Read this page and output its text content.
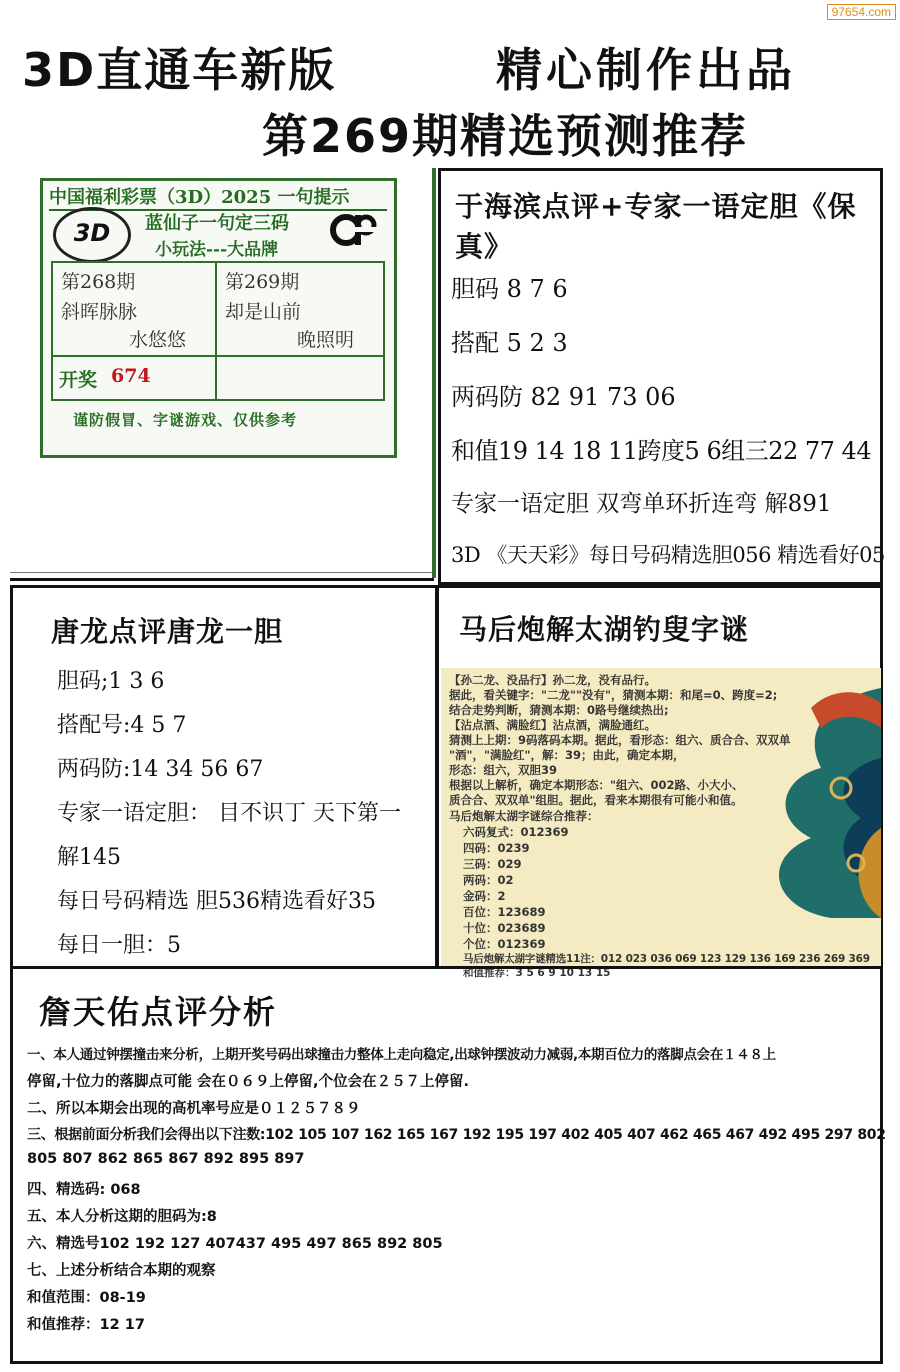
97654.com
3D直通车新版	精心制作出品
第269期精选预测推荐
中国福利彩票（3D）2025 一句提示
3D	蓝仙子一句定三码
小玩法---大品牌
第268期
斜晖脉脉
水悠悠
第269期
却是山前
晚照明
开奖 674
谨防假冒、字谜游戏、仅供参考
于海滨点评+专家一语定胆《保真》
胆码 8 7 6
搭配 5 2 3
两码防 82 91 73 06
和值19 14 18 11跨度5 6组三22 77 44
专家一语定胆 双弯单环折连弯 解891
3D 《天天彩》每日号码精选胆056 精选看好05
唐龙点评唐龙一胆
胆码;1 3 6
搭配号:4 5 7
两码防:14 34 56 67
专家一语定胆： 目不识丁 天下第一
解145
每日号码精选 胆536精选看好35
每日一胆：5
马后炮解太湖钓叟字谜
【孙二龙、没品行】孙二龙，没有品行。
据此，看关键字："二龙""没有"，猜测本期：和尾=0、跨度=2;
结合走势判断，猜测本期：0路号继续热出;
【沾点酒、满脸红】沾点酒，满脸通红。
猜测上上期：9码落码本期。据此，看形态：组六、质合合、双双单
"酒"，"满脸红"，解：39；由此，确定本期，
形态：组六，双胆39
根据以上解析，确定本期形态："组六、002路、小大小、
质合合、双双单"组胆。据此，看来本期很有可能小和值。
马后炮解太湖字谜综合推荐：
六码复式：012369
四码：0239
三码：029
两码：02
金码：2
百位：123689
十位：023689
个位：012369
马后炮解太湖字谜精选11注：012 023 036 069 123 129 136 169 236 269 369
和值推荐：3 5 6 9 10 13 15
詹天佑点评分析
一、本人通过钟摆撞击来分析，上期开奖号码出球撞击力整体上走向稳定,出球钟摆波动力减弱,本期百位力的落脚点会在１４８上
停留,十位力的落脚点可能 会在０６９上停留,个位会在２５７上停留.
二、所以本期会出现的高机率号应是０１２５７８９
三、根据前面分析我们会得出以下注数:102 105 107 162 165 167 192 195 197 402 405 407 462 465 467 492 495 297 802
805 807 862 865 867 892 895 897
四、精选码: 068
五、本人分析这期的胆码为:8
六、精选号102 192 127 407437 495 497 865 892 805
七、上述分析结合本期的观察
和值范围：08-19
和值推荐：12 17
